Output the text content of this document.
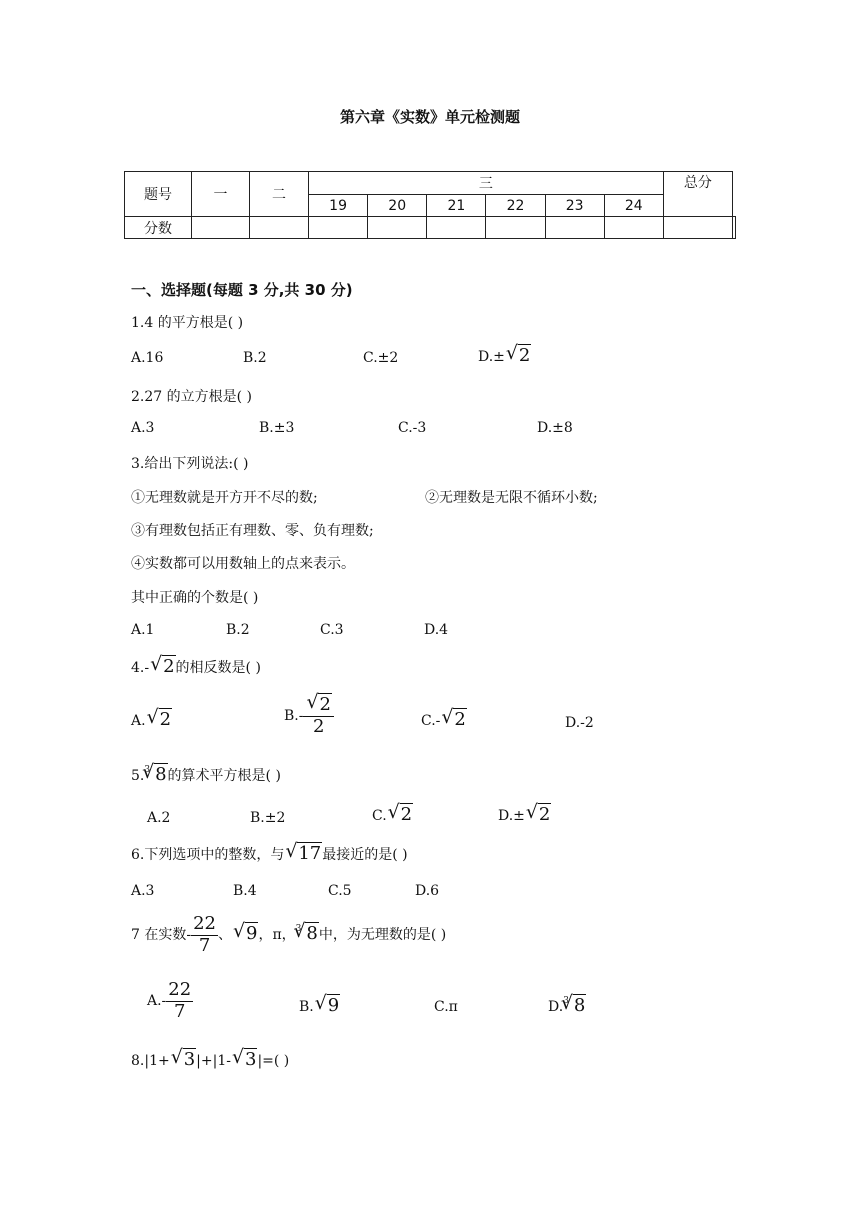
第六章《实数》单元检测题
题号	一	二	三						总分	
			19	20	21	22	23	24		
分数										
一、选择题(每题 3 分,共 30 分)
1.4 的平方根是( )
A.16	B.2	C.±2	D.± √ 2
2.27 的立方根是( )
A.3	B.±3	C.-3	D.±8
3.给出下列说法:( )
①无理数就是开方开不尽的数;	②无理数是无限不循环小数;
③有理数包括正有理数、零、负有理数;
④实数都可以用数轴上的点来表示。
其中正确的个数是( )
A.1	B.2	C.3	D.4
4.- √ 2的相反数是( )
A. √ 2	B.- √ $\frac{2}{2}$	C.- √ 2	D.-2
5.$^3$ √ 8的算术平方根是( )
A.2	B.±2	C. √ 2	D.± √ 2
6.下列选项中的整数，与 √ 17最接近的是( )
A.3	B.4	C.5	D.6
7 在实数- $\frac{22}{7}$ 、 √ 9，π，$^3$ √ 8中，为无理数的是( )
$A.- \frac{22}{7}$	B. √ 9	C.π	D.$^3$ √ 8
8.|1+ √ 3|+|1- √ 3|=( )
